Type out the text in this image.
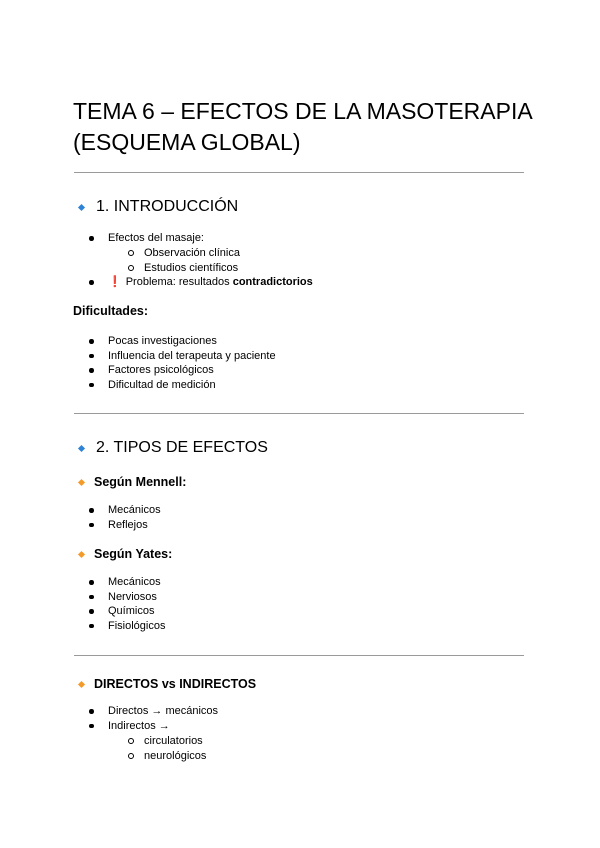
TEMA 6 – EFECTOS DE LA MASOTERAPIA (ESQUEMA GLOBAL)
1. INTRODUCCIÓN
Efectos del masaje:
Observación clínica
Estudios científicos
❗ Problema: resultados contradictorios
Dificultades:
Pocas investigaciones
Influencia del terapeuta y paciente
Factores psicológicos
Dificultad de medición
2. TIPOS DE EFECTOS
Según Mennell:
Mecánicos
Reflejos
Según Yates:
Mecánicos
Nerviosos
Químicos
Fisiológicos
DIRECTOS vs INDIRECTOS
Directos → mecánicos
Indirectos →
circulatorios
neurológicos
